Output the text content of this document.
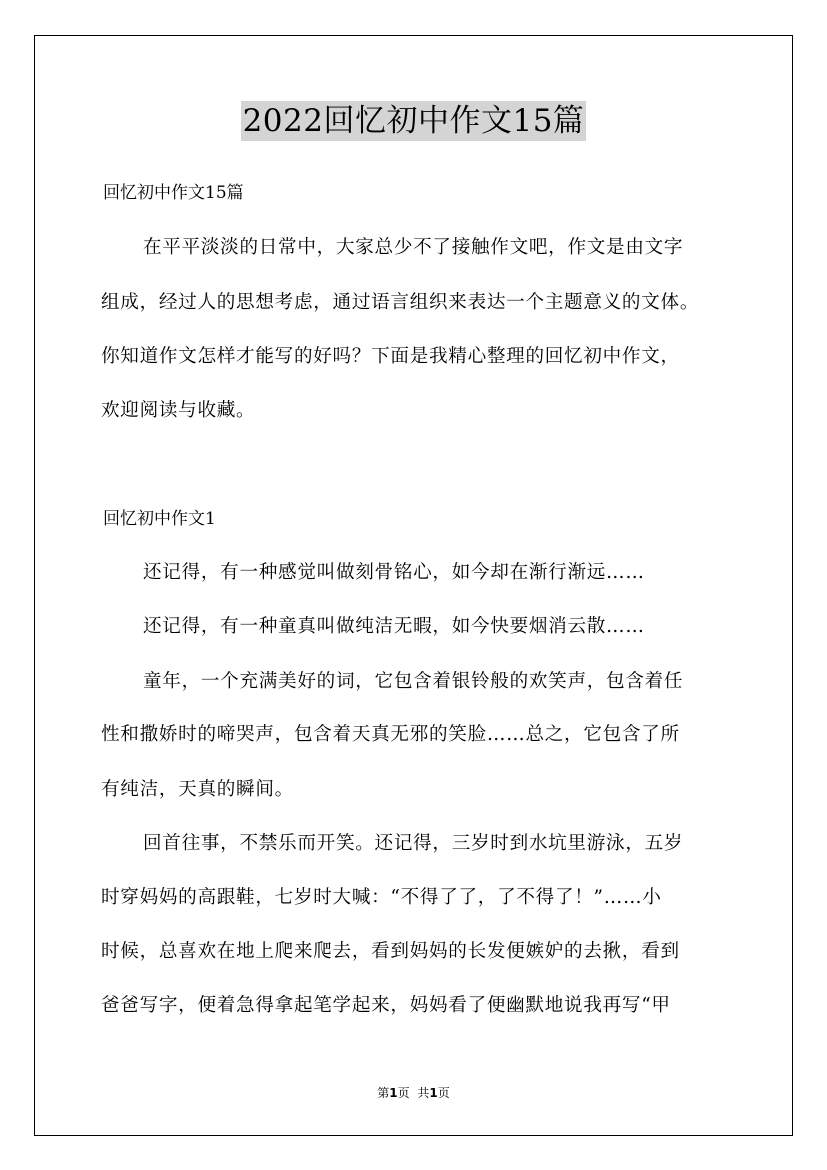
2022回忆初中作文15篇
回忆初中作文15篇
在平平淡淡的日常中，大家总少不了接触作文吧，作文是由文字
组成，经过人的思想考虑，通过语言组织来表达一个主题意义的文体。
你知道作文怎样才能写的好吗？下面是我精心整理的回忆初中作文，
欢迎阅读与收藏。
回忆初中作文1
还记得，有一种感觉叫做刻骨铭心，如今却在渐行渐远……
还记得，有一种童真叫做纯洁无暇，如今快要烟消云散……
童年，一个充满美好的词，它包含着银铃般的欢笑声，包含着任
性和撒娇时的啼哭声，包含着天真无邪的笑脸……总之，它包含了所
有纯洁，天真的瞬间。
回首往事，不禁乐而开笑。还记得，三岁时到水坑里游泳，五岁
时穿妈妈的高跟鞋，七岁时大喊：“不得了了，了不得了！”……小
时候，总喜欢在地上爬来爬去，看到妈妈的长发便嫉妒的去揪，看到
爸爸写字，便着急得拿起笔学起来，妈妈看了便幽默地说我再写“甲
第1页 共1页
